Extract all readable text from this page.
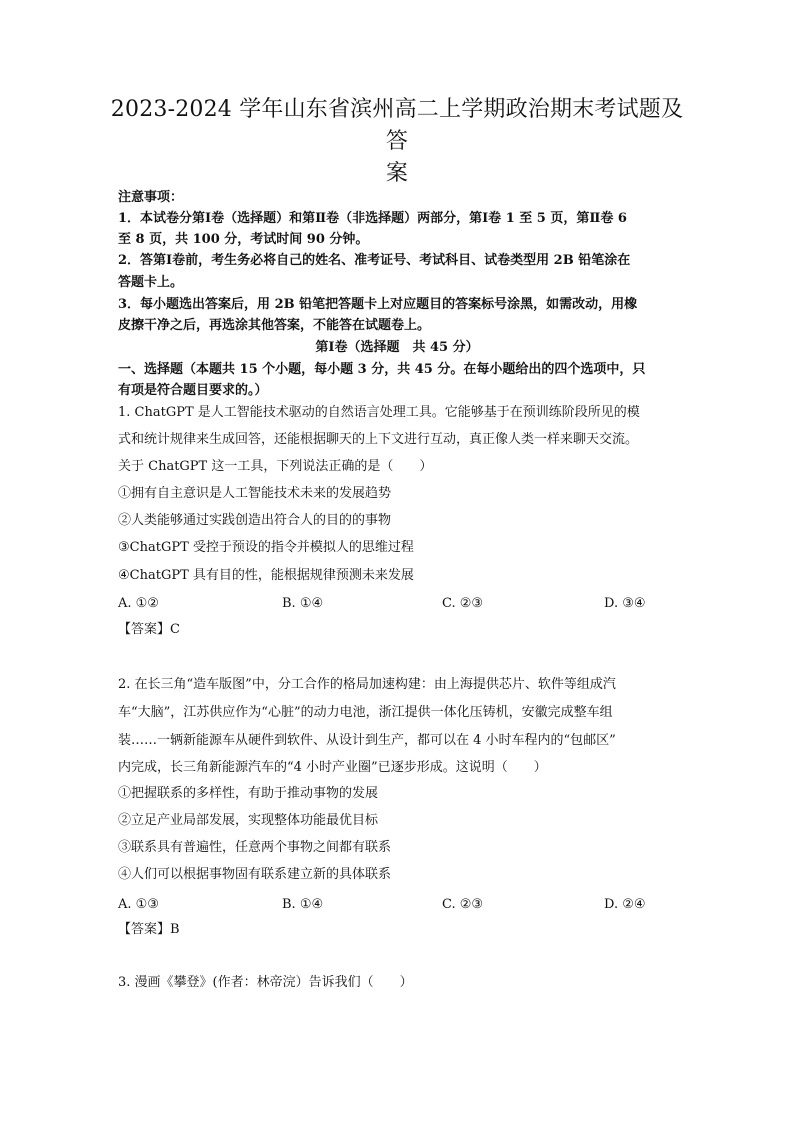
2023-2024 学年山东省滨州高二上学期政治期末考试题及答
案
注意事项：
1．本试卷分第Ⅰ卷（选择题）和第Ⅱ卷（非选择题）两部分，第Ⅰ卷 1 至 5 页，第Ⅱ卷 6
至 8 页，共 100 分，考试时间 90 分钟。
2．答第Ⅰ卷前，考生务必将自己的姓名、准考证号、考试科目、试卷类型用 2B 铅笔涂在
答题卡上。
3．每小题选出答案后，用 2B 铅笔把答题卡上对应题目的答案标号涂黑，如需改动，用橡
皮擦干净之后，再选涂其他答案，不能答在试题卷上。
第Ⅰ卷（选择题　共 45 分）
一、选择题（本题共 15 个小题，每小题 3 分，共 45 分。在每小题给出的四个选项中，只
有项是符合题目要求的。）
1. ChatGPT 是人工智能技术驱动的自然语言处理工具。它能够基于在预训练阶段所见的模
式和统计规律来生成回答，还能根据聊天的上下文进行互动，真正像人类一样来聊天交流。
关于 ChatGPT 这一工具，下列说法正确的是（　　）
①拥有自主意识是人工智能技术未来的发展趋势
②人类能够通过实践创造出符合人的目的的事物
③ChatGPT 受控于预设的指令并模拟人的思维过程
④ChatGPT 具有目的性，能根据规律预测未来发展
A. ①②	B. ①④	C. ②③	D. ③④
【答案】C
2. 在长三角“造车版图”中，分工合作的格局加速构建：由上海提供芯片、软件等组成汽
车“大脑”，江苏供应作为“心脏”的动力电池，浙江提供一体化压铸机，安徽完成整车组
装……一辆新能源车从硬件到软件、从设计到生产，都可以在 4 小时车程内的“包邮区”
内完成，长三角新能源汽车的“4 小时产业圈”已逐步形成。这说明（　　）
①把握联系的多样性，有助于推动事物的发展
②立足产业局部发展，实现整体功能最优目标
③联系具有普遍性，任意两个事物之间都有联系
④人们可以根据事物固有联系建立新的具体联系
A. ①③	B. ①④	C. ②③	D. ②④
【答案】B
3. 漫画《攀登》(作者：林帝浣）告诉我们（　　）
